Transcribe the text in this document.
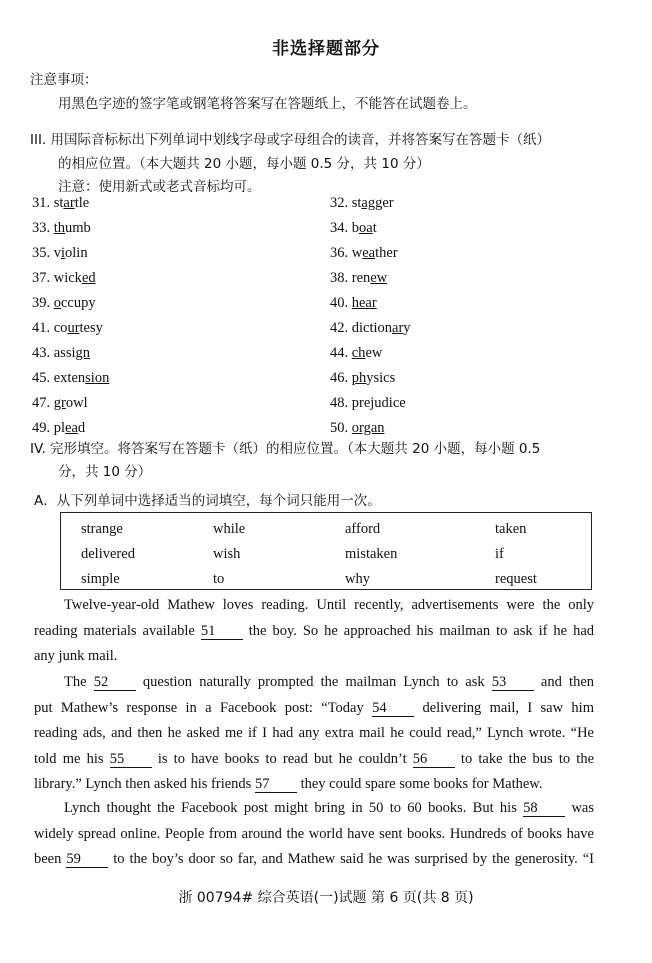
非选择题部分
注意事项：
用黑色字迹的签字笔或钢笔将答案写在答题纸上，不能答在试题卷上。
III. 用国际音标标出下列单词中划线字母或字母组合的读音，并将答案写在答题卡（纸）
的相应位置。（本大题共 20 小题，每小题 0.5 分，共 10 分）
注意：使用新式或老式音标均可。
31. startle	32. stagger
33. thumb	34. boat
35. violin	36. weather
37. wicked	38. renew
39. occupy	40. hear
41. courtesy	42. dictionary
43. assign	44. chew
45. extension	46. physics
47. growl	48. prejudice
49. plead	50. organ
IV. 完形填空。将答案写在答题卡（纸）的相应位置。（本大题共 20 小题，每小题 0.5
分，共 10 分）
A．从下列单词中选择适当的词填空，每个词只能用一次。
strange	while	afford	taken
delivered	wish	mistaken	if
simple	to	why	request
Twelve-year-old Mathew loves reading. Until recently, advertisements were the only
reading materials available 51 the boy. So he approached his mailman to ask if he had
any junk mail.
The 52 question naturally prompted the mailman Lynch to ask 53 and then
put Mathew’s response in a Facebook post: “Today 54 delivering mail, I saw him
reading ads, and then he asked me if I had any extra mail he could read,” Lynch wrote. “He
told me his 55 is to have books to read but he couldn’t 56 to take the bus to the
library.” Lynch then asked his friends 57 they could spare some books for Mathew.
Lynch thought the Facebook post might bring in 50 to 60 books. But his 58 was
widely spread online. People from around the world have sent books. Hundreds of books have
been 59 to the boy’s door so far, and Mathew said he was surprised by the generosity. “I
浙 00794# 综合英语(一)试题 第 6 页(共 8 页)
